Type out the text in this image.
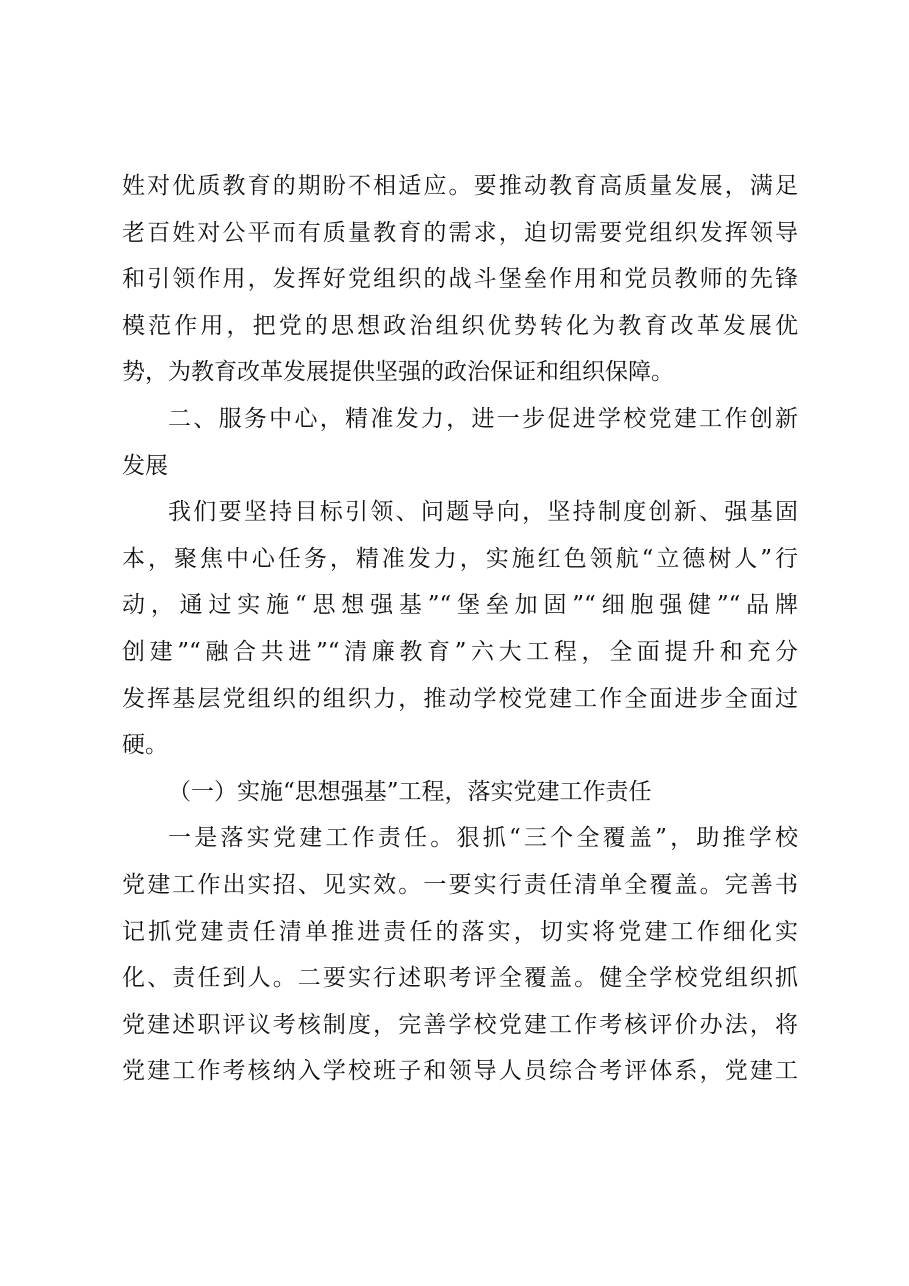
姓对优质教育的期盼不相适应。要推动教育高质量发展，满足
老百姓对公平而有质量教育的需求，迫切需要党组织发挥领导
和引领作用，发挥好党组织的战斗堡垒作用和党员教师的先锋
模范作用，把党的思想政治组织优势转化为教育改革发展优
势，为教育改革发展提供坚强的政治保证和组织保障。
二、服务中心，精准发力，进一步促进学校党建工作创新
发展
我们要坚持目标引领、问题导向，坚持制度创新、强基固
本，聚焦中心任务，精准发力，实施红色领航“立德树人”行
动，通过实施“思想强基”“堡垒加固”“细胞强健”“品牌
创建”“融合共进”“清廉教育”六大工程，全面提升和充分
发挥基层党组织的组织力，推动学校党建工作全面进步全面过
硬。
（一）实施“思想强基”工程，落实党建工作责任
一是落实党建工作责任。狠抓“三个全覆盖”，助推学校
党建工作出实招、见实效。一要实行责任清单全覆盖。完善书
记抓党建责任清单推进责任的落实，切实将党建工作细化实
化、责任到人。二要实行述职考评全覆盖。健全学校党组织抓
党建述职评议考核制度，完善学校党建工作考核评价办法，将
党建工作考核纳入学校班子和领导人员综合考评体系，党建工
